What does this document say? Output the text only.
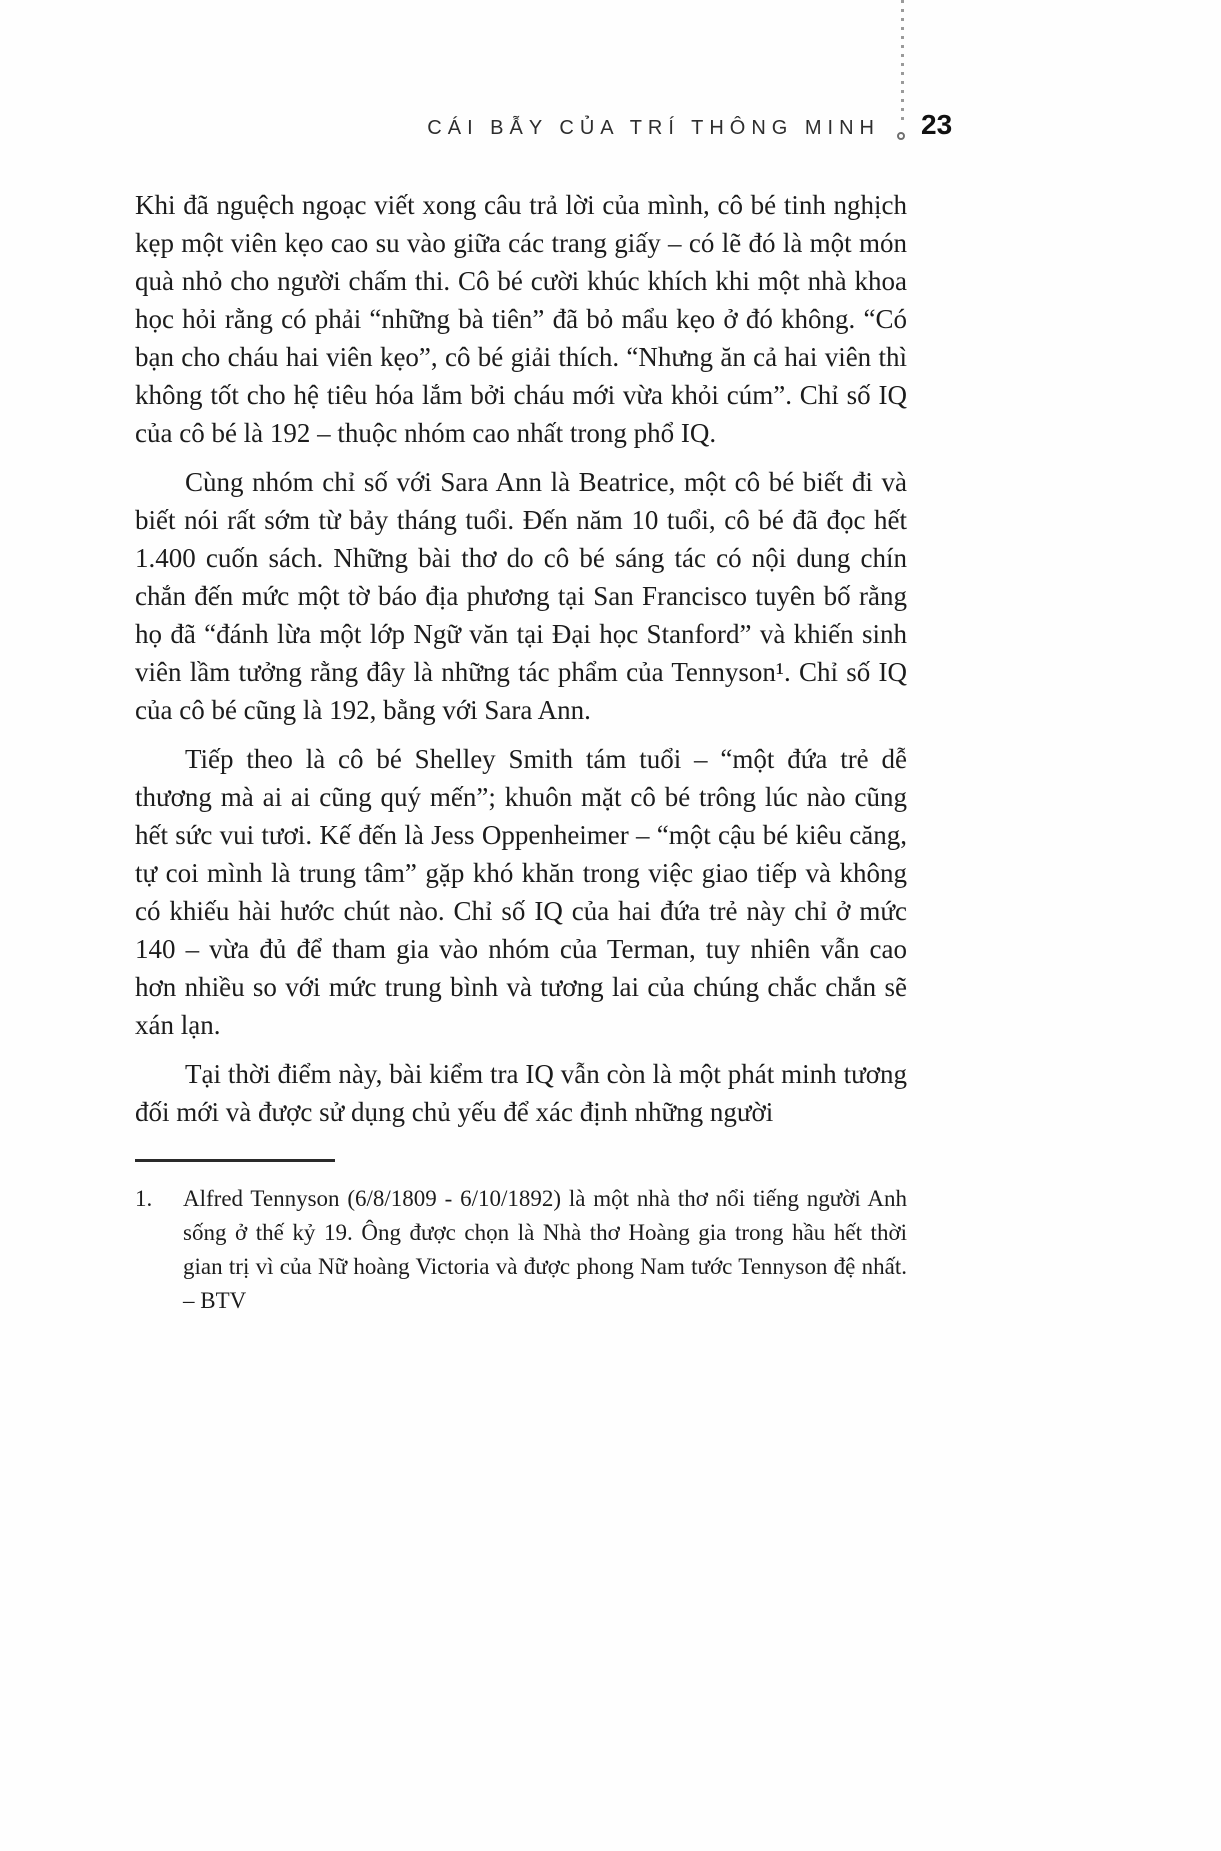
CÁI BẪY CỦA TRÍ THÔNG MINH 23

Khi đã nguệch ngoạc viết xong câu trả lời của mình, cô bé tinh nghịch kẹp một viên kẹo cao su vào giữa các trang giấy – có lẽ đó là một món quà nhỏ cho người chấm thi. Cô bé cười khúc khích khi một nhà khoa học hỏi rằng có phải “những bà tiên” đã bỏ mẩu kẹo ở đó không. “Có bạn cho cháu hai viên kẹo”, cô bé giải thích. “Nhưng ăn cả hai viên thì không tốt cho hệ tiêu hóa lắm bởi cháu mới vừa khỏi cúm”. Chỉ số IQ của cô bé là 192 – thuộc nhóm cao nhất trong phổ IQ.

Cùng nhóm chỉ số với Sara Ann là Beatrice, một cô bé biết đi và biết nói rất sớm từ bảy tháng tuổi. Đến năm 10 tuổi, cô bé đã đọc hết 1.400 cuốn sách. Những bài thơ do cô bé sáng tác có nội dung chín chắn đến mức một tờ báo địa phương tại San Francisco tuyên bố rằng họ đã “đánh lừa một lớp Ngữ văn tại Đại học Stanford” và khiến sinh viên lầm tưởng rằng đây là những tác phẩm của Tennyson¹. Chỉ số IQ của cô bé cũng là 192, bằng với Sara Ann.

Tiếp theo là cô bé Shelley Smith tám tuổi – “một đứa trẻ dễ thương mà ai ai cũng quý mến”; khuôn mặt cô bé trông lúc nào cũng hết sức vui tươi. Kế đến là Jess Oppenheimer – “một cậu bé kiêu căng, tự coi mình là trung tâm” gặp khó khăn trong việc giao tiếp và không có khiếu hài hước chút nào. Chỉ số IQ của hai đứa trẻ này chỉ ở mức 140 – vừa đủ để tham gia vào nhóm của Terman, tuy nhiên vẫn cao hơn nhiều so với mức trung bình và tương lai của chúng chắc chắn sẽ xán lạn.

Tại thời điểm này, bài kiểm tra IQ vẫn còn là một phát minh tương đối mới và được sử dụng chủ yếu để xác định những người

1.	Alfred Tennyson (6/8/1809 - 6/10/1892) là một nhà thơ nổi tiếng người Anh sống ở thế kỷ 19. Ông được chọn là Nhà thơ Hoàng gia trong hầu hết thời gian trị vì của Nữ hoàng Victoria và được phong Nam tước Tennyson đệ nhất. – BTV
